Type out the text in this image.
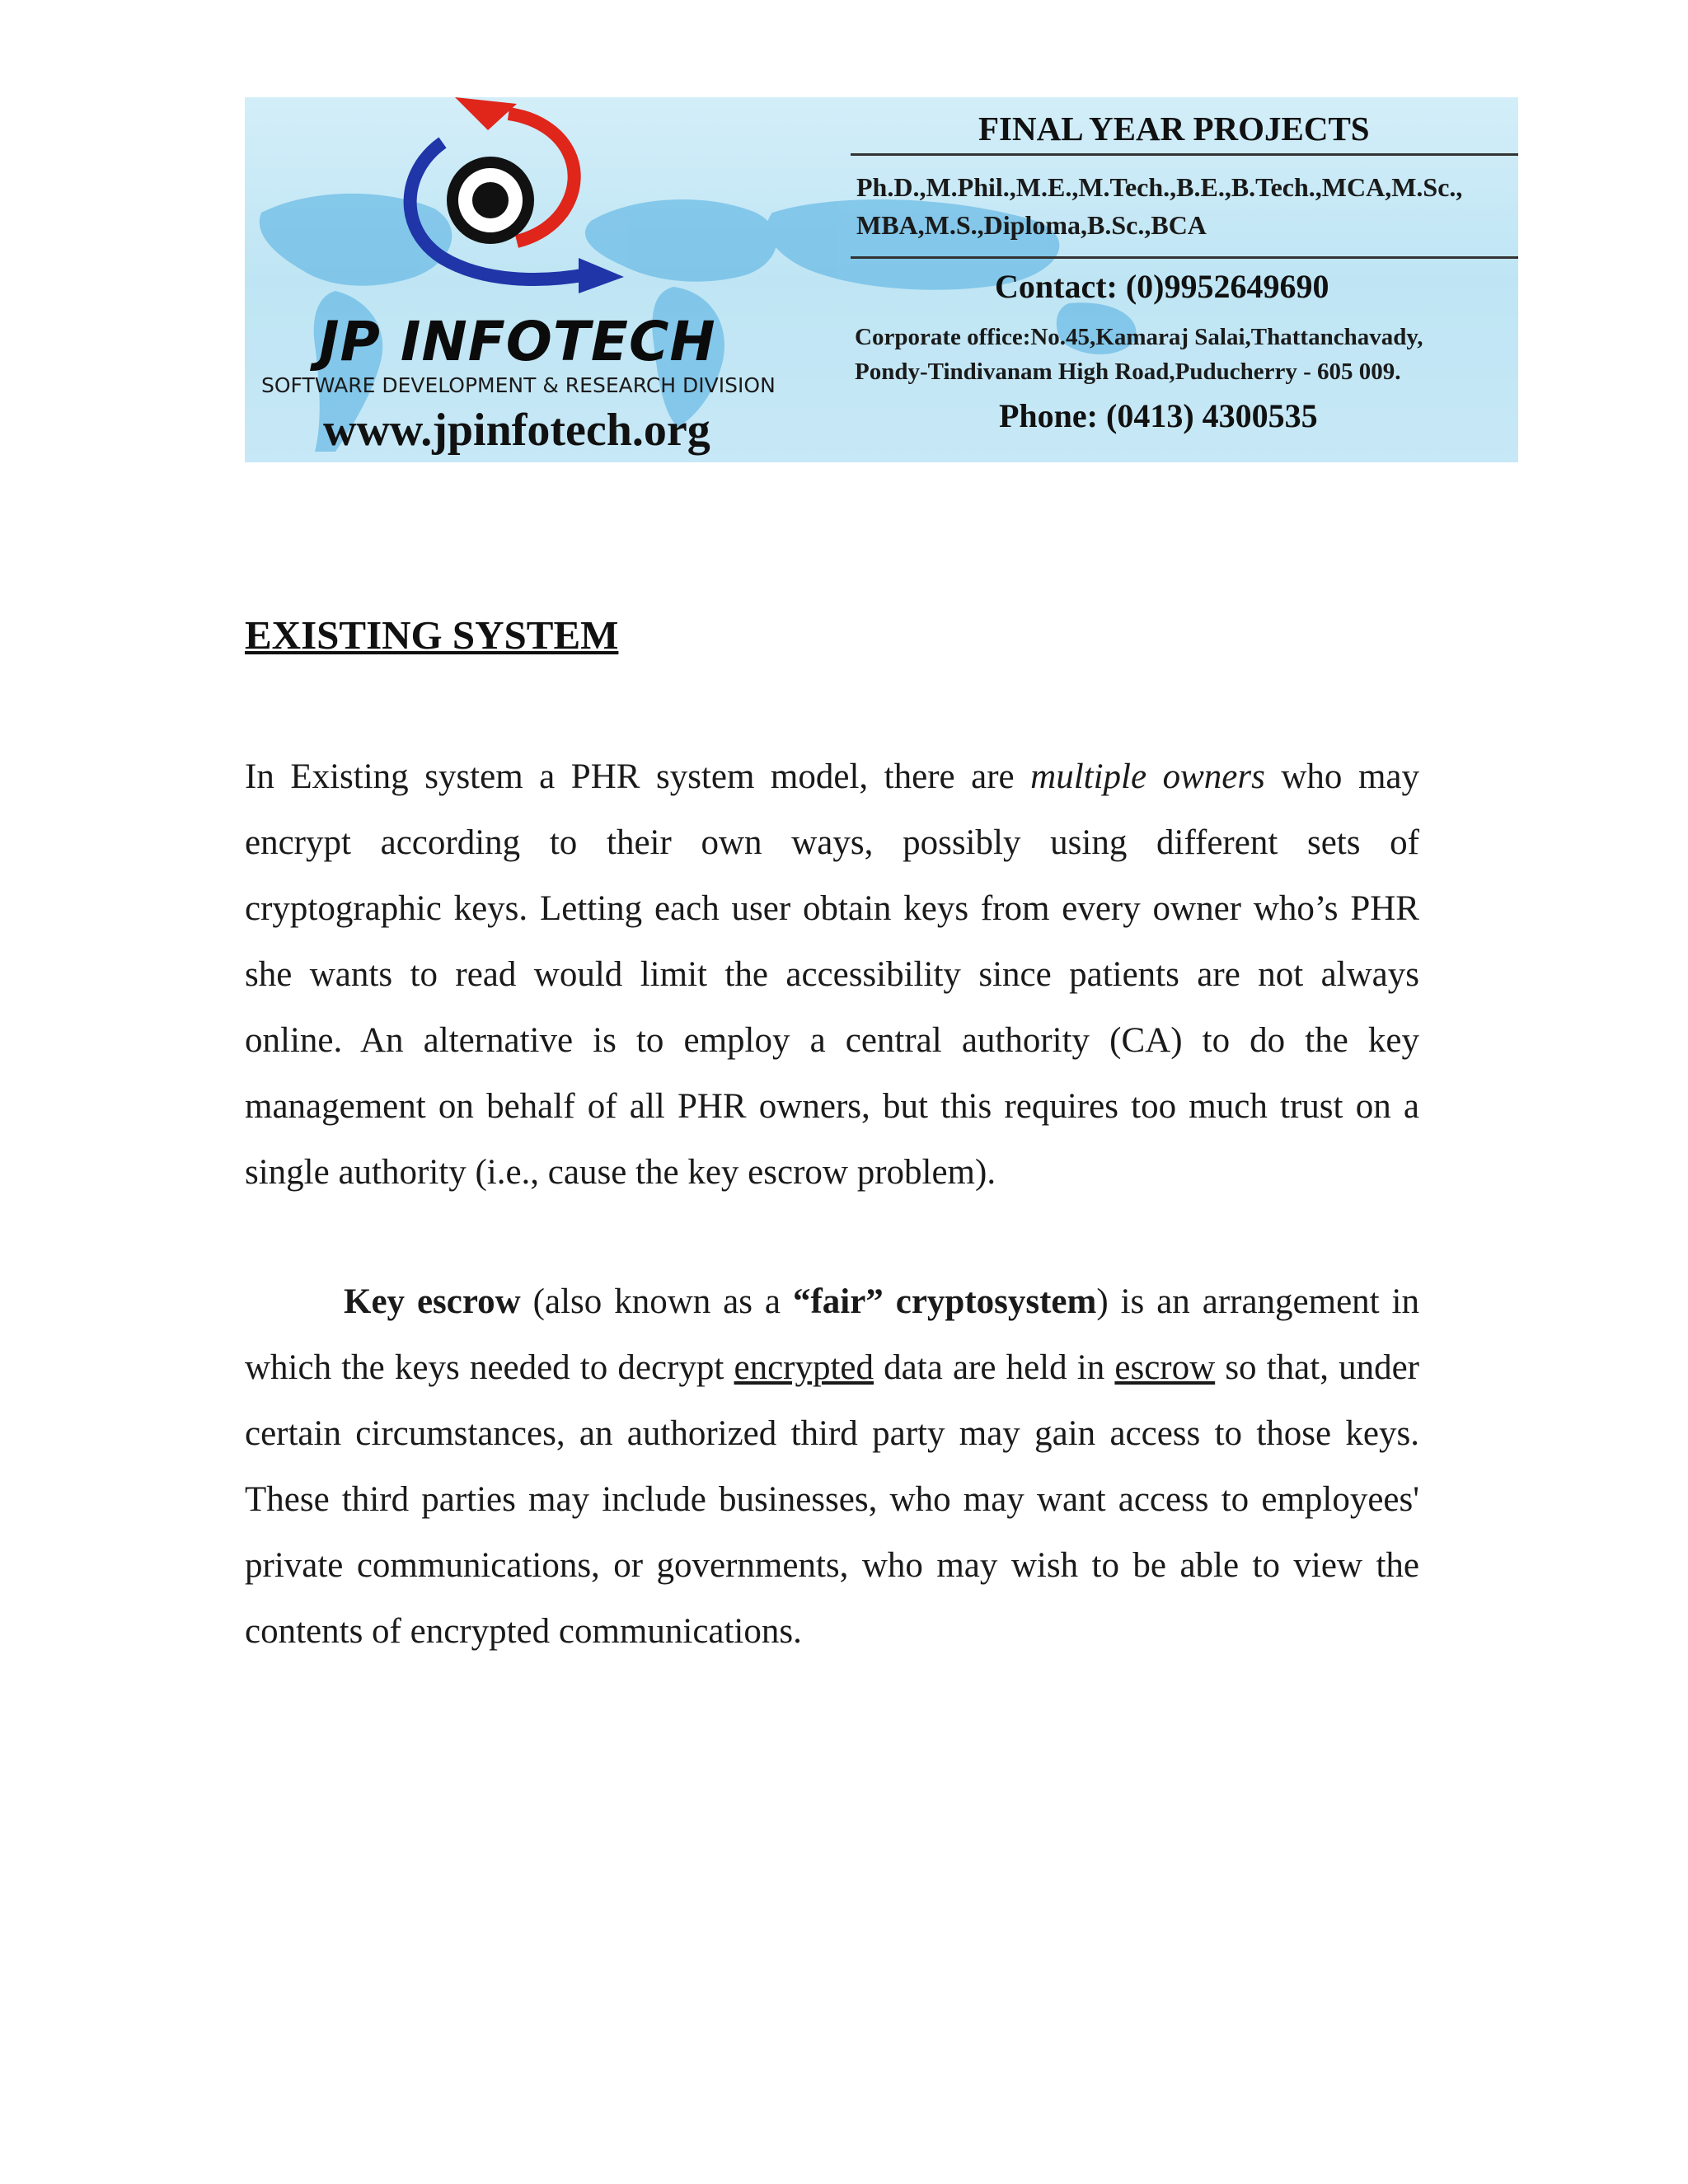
JP INFOTECH
SOFTWARE DEVELOPMENT & RESEARCH DIVISION
www.jpinfotech.org
FINAL YEAR PROJECTS
Ph.D.,M.Phil.,M.E.,M.Tech.,B.E.,B.Tech.,MCA,M.Sc.,
MBA,M.S.,Diploma,B.Sc.,BCA
Contact: (0)9952649690
Corporate office:No.45,Kamaraj Salai,Thattanchavady,
Pondy-Tindivanam High Road,Puducherry - 605 009.
Phone: (0413) 4300535
EXISTING SYSTEM

In Existing system a PHR system model, there are multiple owners who may encrypt according to their own ways, possibly using different sets of cryptographic keys. Letting each user obtain keys from every owner who’s PHR she wants to read would limit the accessibility since patients are not always online. An alternative is to employ a central authority (CA) to do the key management on behalf of all PHR owners, but this requires too much trust on a single authority (i.e., cause the key escrow problem).

Key escrow (also known as a “fair” cryptosystem) is an arrangement in which the keys needed to decrypt encrypted data are held in escrow so that, under certain circumstances, an authorized third party may gain access to those keys. These third parties may include businesses, who may want access to employees' private communications, or governments, who may wish to be able to view the contents of encrypted communications.
